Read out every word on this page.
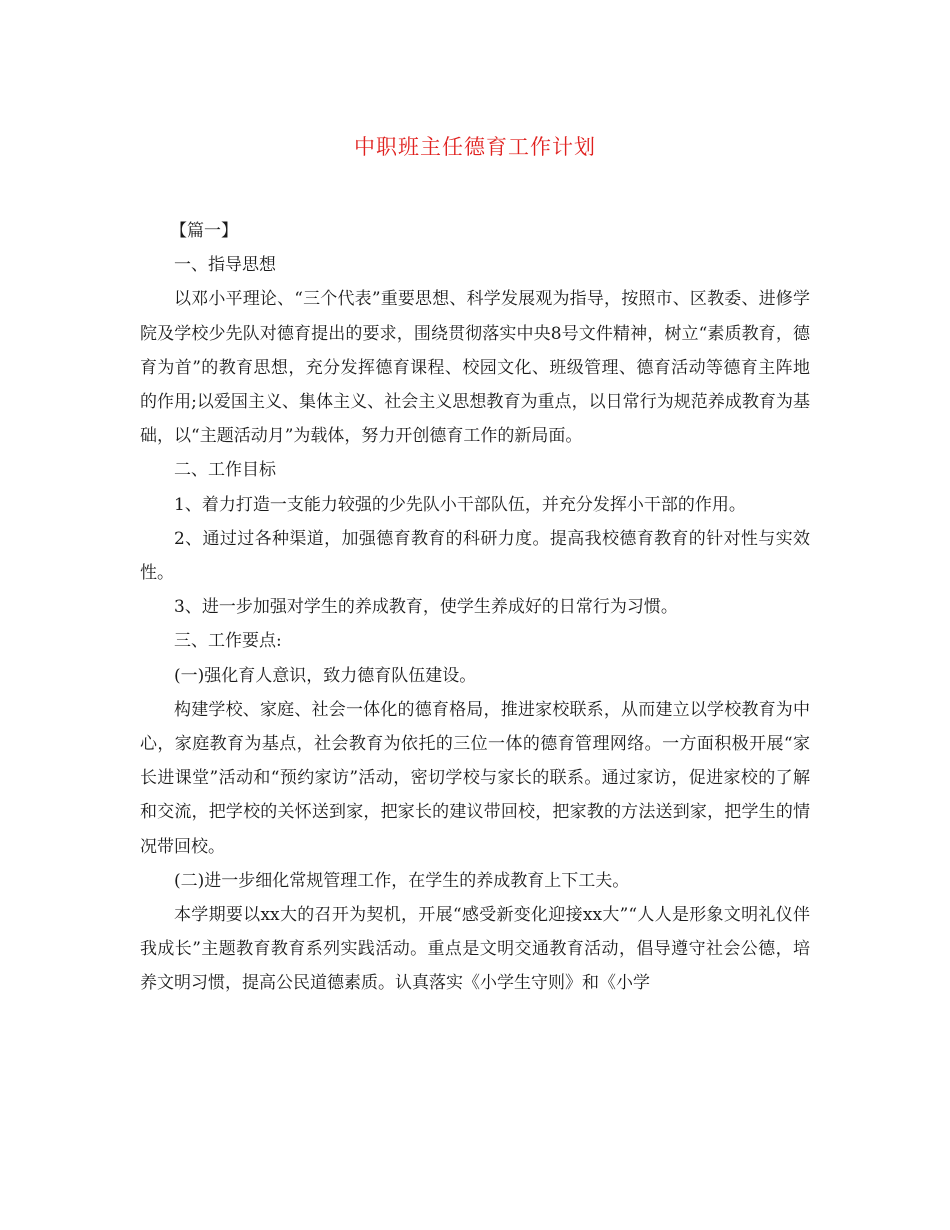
中职班主任德育工作计划

【篇一】

一、指导思想

以邓小平理论、“三个代表”重要思想、科学发展观为指导，按照市、区教委、进修学院及学校少先队对德育提出的要求，围绕贯彻落实中央8号文件精神，树立“素质教育，德育为首”的教育思想，充分发挥德育课程、校园文化、班级管理、德育活动等德育主阵地的作用;以爱国主义、集体主义、社会主义思想教育为重点，以日常行为规范养成教育为基础，以“主题活动月”为载体，努力开创德育工作的新局面。

二、工作目标

1、着力打造一支能力较强的少先队小干部队伍，并充分发挥小干部的作用。

2、通过过各种渠道，加强德育教育的科研力度。提高我校德育教育的针对性与实效性。

3、进一步加强对学生的养成教育，使学生养成好的日常行为习惯。

三、工作要点:

(一)强化育人意识，致力德育队伍建设。

构建学校、家庭、社会一体化的德育格局，推进家校联系，从而建立以学校教育为中心，家庭教育为基点，社会教育为依托的三位一体的德育管理网络。一方面积极开展“家长进课堂”活动和“预约家访”活动，密切学校与家长的联系。通过家访，促进家校的了解和交流，把学校的关怀送到家，把家长的建议带回校，把家教的方法送到家，把学生的情况带回校。

(二)进一步细化常规管理工作，在学生的养成教育上下工夫。

本学期要以xx大的召开为契机，开展“感受新变化迎接xx大”“人人是形象文明礼仪伴我成长”主题教育教育系列实践活动。重点是文明交通教育活动，倡导遵守社会公德，培养文明习惯，提高公民道德素质。认真落实《小学生守则》和《小学
